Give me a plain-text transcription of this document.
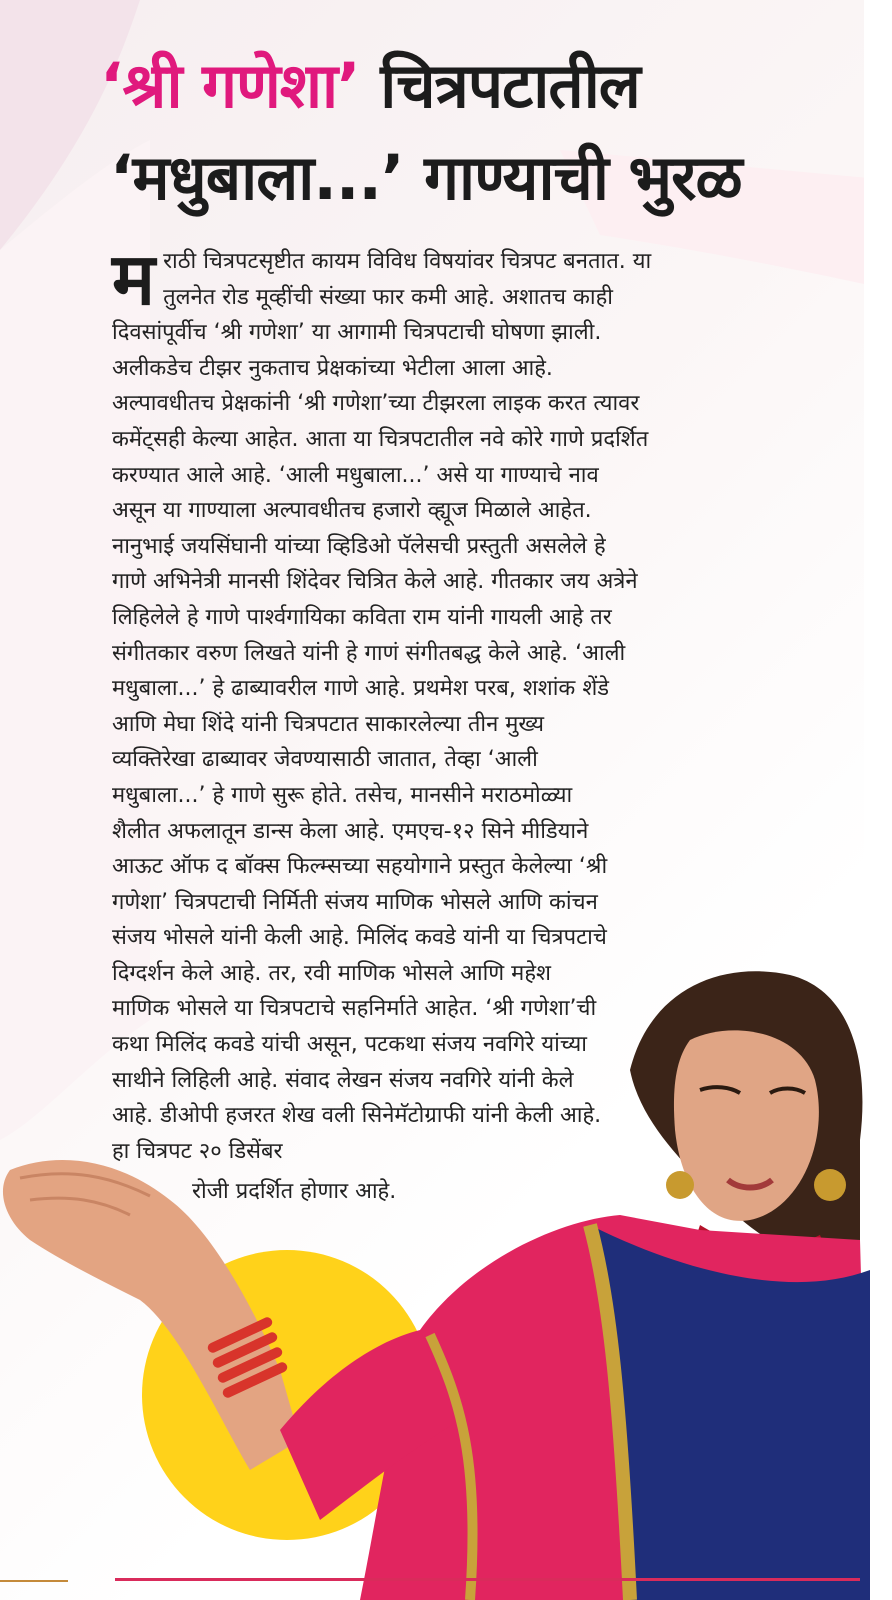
‘श्री गणेशा’ चित्रपटातील
‘मधुबाला...’ गाण्याची भुरळ
म राठी चित्रपटसृष्टीत कायम विविध विषयांवर चित्रपट बनतात. या तुलनेत रोड मूव्हींची संख्या फार कमी आहे. अशातच काही दिवसांपूर्वीच ‘श्री गणेशा’ या आगामी चित्रपटाची घोषणा झाली. अलीकडेच टीझर नुकताच प्रेक्षकांच्या भेटीला आला आहे. अल्पावधीतच प्रेक्षकांनी ‘श्री गणेशा’च्या टीझरला लाइक करत त्यावर कमेंट्सही केल्या आहेत. आता या चित्रपटातील नवे कोरे गाणे प्रदर्शित करण्यात आले आहे. ‘आली मधुबाला...’ असे या गाण्याचे नाव असून या गाण्याला अल्पावधीतच हजारो व्ह्यूज मिळाले आहेत. नानुभाई जयसिंघानी यांच्या व्हिडिओ पॅलेसची प्रस्तुती असलेले हे गाणे अभिनेत्री मानसी शिंदेवर चित्रित केले आहे. गीतकार जय अत्रेने लिहिलेले हे गाणे पार्श्वगायिका कविता राम यांनी गायली आहे तर संगीतकार वरुण लिखते यांनी हे गाणं संगीतबद्ध केले आहे. ‘आली मधुबाला...’ हे ढाब्यावरील गाणे आहे. प्रथमेश परब, शशांक शेंडे आणि मेघा शिंदे यांनी चित्रपटात साकारलेल्या तीन मुख्य व्यक्तिरेखा ढाब्यावर जेवण्यासाठी जातात, तेव्हा ‘आली मधुबाला...’ हे गाणे सुरू होते. तसेच, मानसीने मराठमोळ्या शैलीत अफलातून डान्स केला आहे. एमएच-१२ सिने मीडियाने आऊट ऑफ द बॉक्स फिल्म्सच्या सहयोगाने प्रस्तुत केलेल्या ‘श्री गणेशा’ चित्रपटाची निर्मिती संजय माणिक भोसले आणि कांचन संजय भोसले यांनी केली आहे. मिलिंद कवडे यांनी या चित्रपटाचे दिग्दर्शन केले आहे. तर, रवी माणिक भोसले आणि महेश माणिक भोसले या चित्रपटाचे सहनिर्माते आहेत. ‘श्री गणेशा’ची कथा मिलिंद कवडे यांची असून, पटकथा संजय नवगिरे यांच्या साथीने लिहिली आहे. संवाद लेखन संजय नवगिरे यांनी केले आहे. डीओपी हजरत शेख वली सिनेमॅटोग्राफी यांनी केली आहे. हा चित्रपट २० डिसेंबर

रोजी प्रदर्शित होणार आहे.
